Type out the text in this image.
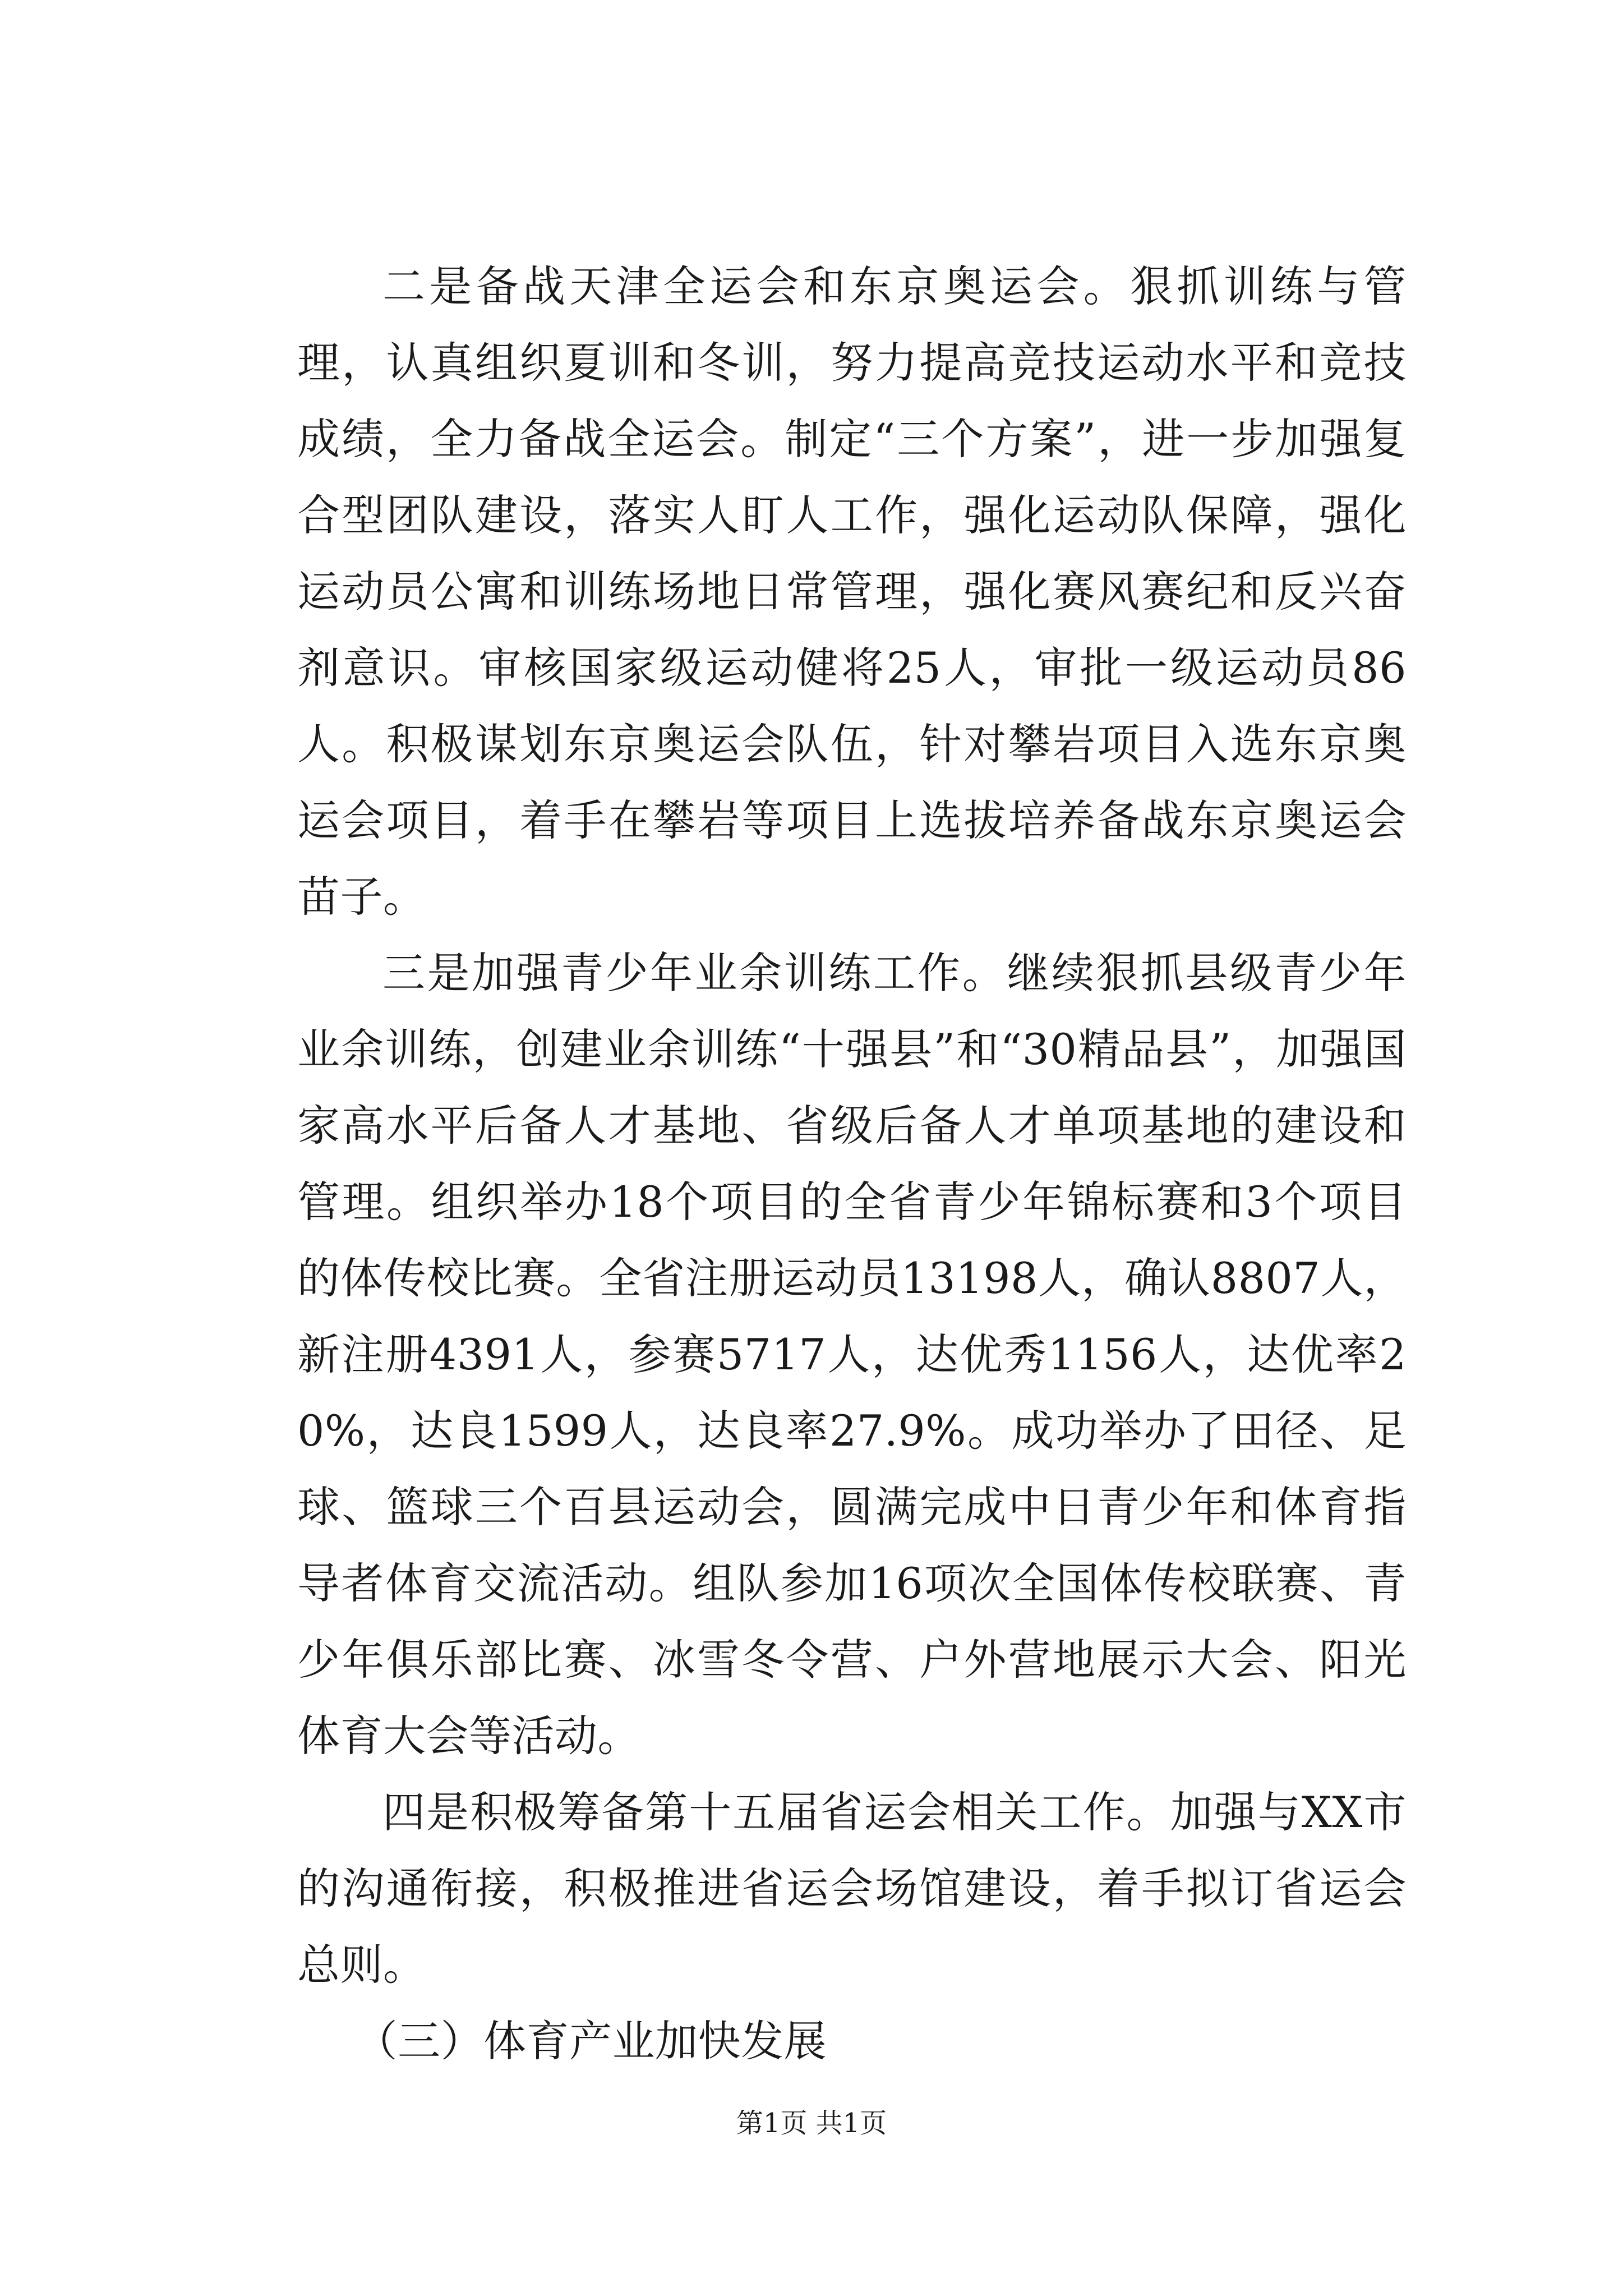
二是备战天津全运会和东京奥运会。狠抓训练与管理，认真组织夏训和冬训，努力提高竞技运动水平和竞技成绩，全力备战全运会。制定“三个方案”，进一步加强复合型团队建设，落实人盯人工作，强化运动队保障，强化运动员公寓和训练场地日常管理，强化赛风赛纪和反兴奋剂意识。审核国家级运动健将25人，审批一级运动员86人。积极谋划东京奥运会队伍，针对攀岩项目入选东京奥运会项目，着手在攀岩等项目上选拔培养备战东京奥运会苗子。

三是加强青少年业余训练工作。继续狠抓县级青少年业余训练，创建业余训练“十强县”和“30精品县”，加强国家高水平后备人才基地、省级后备人才单项基地的建设和管理。组织举办18个项目的全省青少年锦标赛和3个项目的体传校比赛。全省注册运动员13198人，确认8807人，新注册4391人，参赛5717人，达优秀1156人，达优率20%，达良1599人，达良率27.9%。成功举办了田径、足球、篮球三个百县运动会，圆满完成中日青少年和体育指导者体育交流活动。组队参加16项次全国体传校联赛、青少年俱乐部比赛、冰雪冬令营、户外营地展示大会、阳光体育大会等活动。

四是积极筹备第十五届省运会相关工作。加强与XX市的沟通衔接，积极推进省运会场馆建设，着手拟订省运会总则。

（三）体育产业加快发展

第1页 共1页
